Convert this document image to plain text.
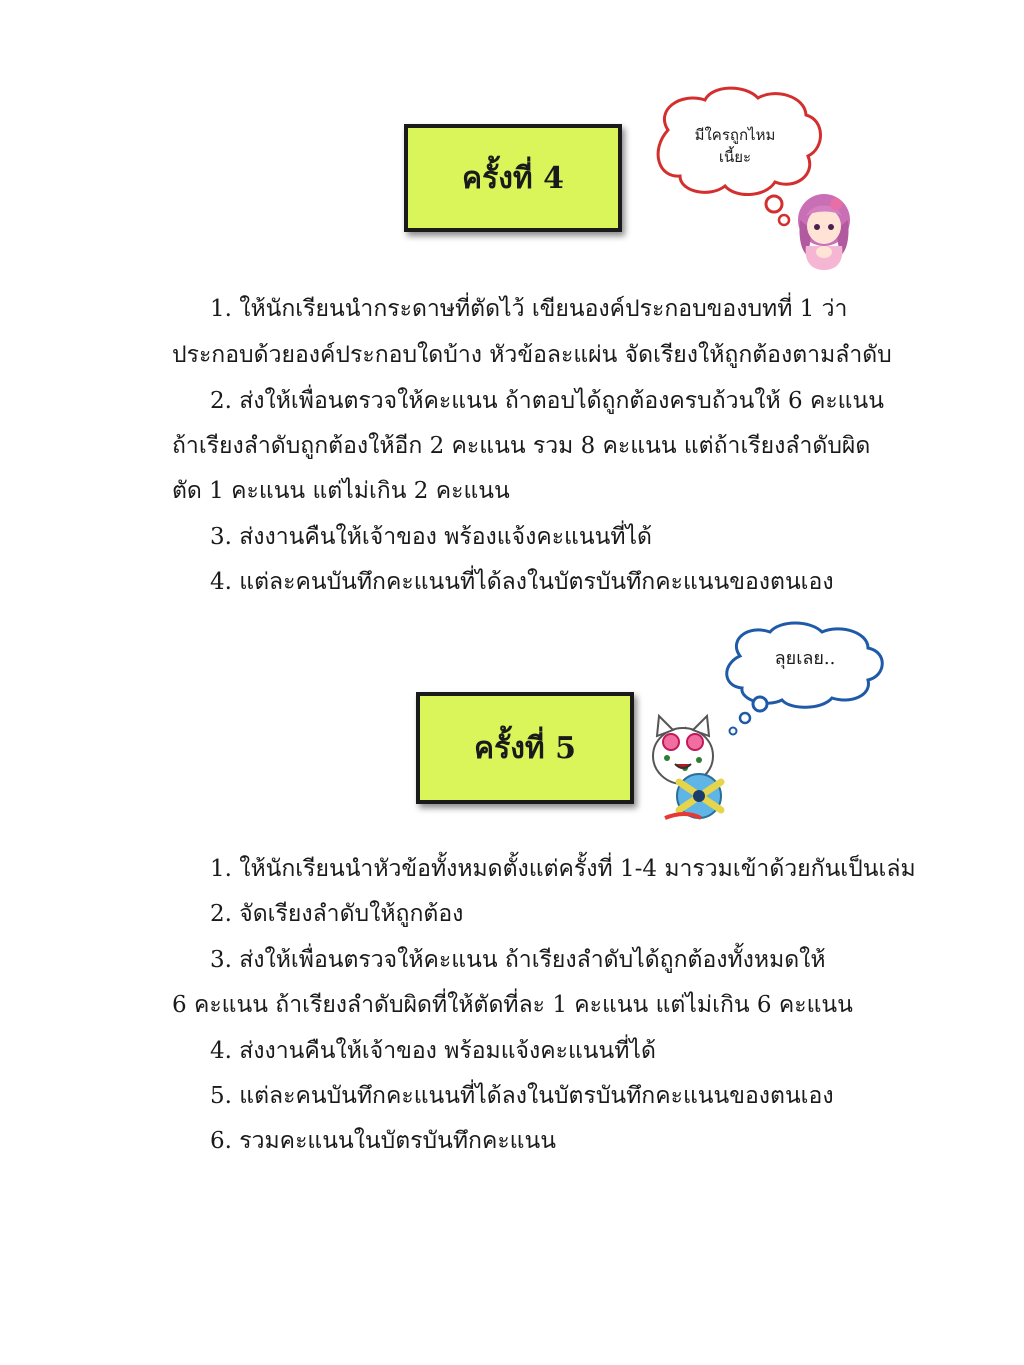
ครั้งที่ 4
มีใครถูกไหม
เนี้ยะ
1. ให้นักเรียนนำกระดาษที่ตัดไว้ เขียนองค์ประกอบของบทที่ 1 ว่า
ประกอบด้วยองค์ประกอบใดบ้าง หัวข้อละแผ่น จัดเรียงให้ถูกต้องตามลำดับ
2. ส่งให้เพื่อนตรวจให้คะแนน ถ้าตอบได้ถูกต้องครบถ้วนให้ 6 คะแนน
ถ้าเรียงลำดับถูกต้องให้อีก 2 คะแนน รวม 8 คะแนน แต่ถ้าเรียงลำดับผิด
ตัด 1 คะแนน แต่ไม่เกิน 2 คะแนน
3. ส่งงานคืนให้เจ้าของ พร้องแจ้งคะแนนที่ได้
4. แต่ละคนบันทึกคะแนนที่ได้ลงในบัตรบันทึกคะแนนของตนเอง
ลุยเลย..
ครั้งที่ 5
1. ให้นักเรียนนำหัวข้อทั้งหมดตั้งแต่ครั้งที่ 1-4 มารวมเข้าด้วยกันเป็นเล่ม
2. จัดเรียงลำดับให้ถูกต้อง
3. ส่งให้เพื่อนตรวจให้คะแนน ถ้าเรียงลำดับได้ถูกต้องทั้งหมดให้
6 คะแนน ถ้าเรียงลำดับผิดที่ให้ตัดที่ละ 1 คะแนน แต่ไม่เกิน 6 คะแนน
4. ส่งงานคืนให้เจ้าของ พร้อมแจ้งคะแนนที่ได้
5. แต่ละคนบันทึกคะแนนที่ได้ลงในบัตรบันทึกคะแนนของตนเอง
6. รวมคะแนนในบัตรบันทึกคะแนน
